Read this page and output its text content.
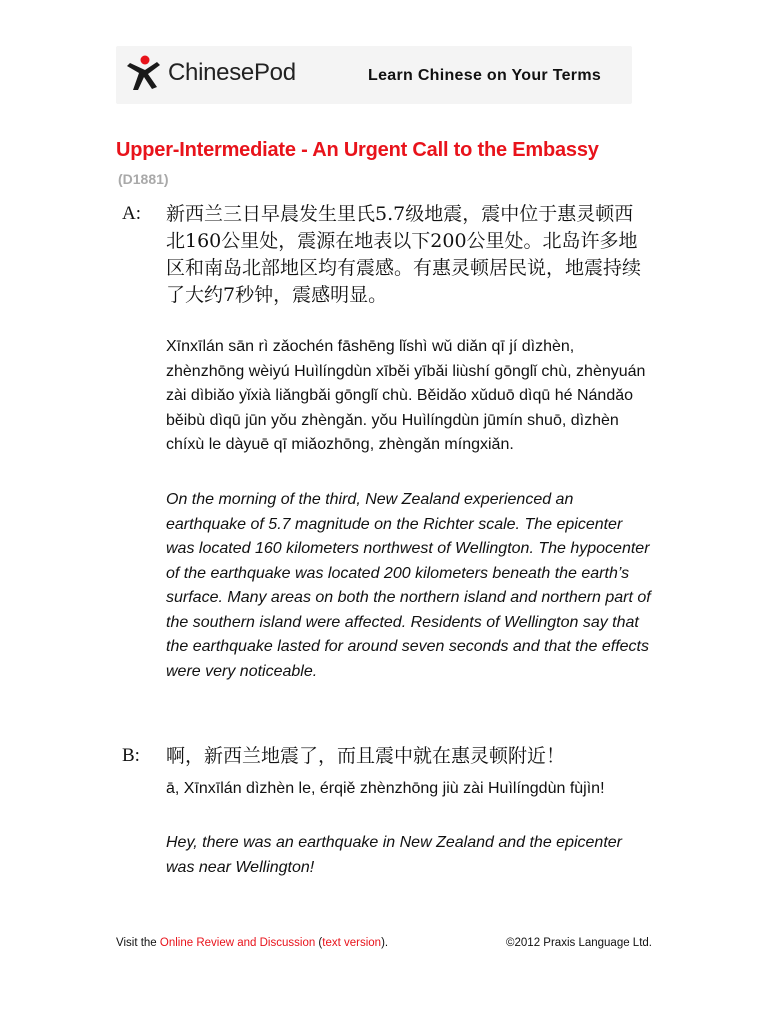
ChinesePod	Learn Chinese on Your Terms
Upper-Intermediate - An Urgent Call to the Embassy
(D1881)
A: 新西兰三日早晨发生里氏5.7级地震，震中位于惠灵顿西北160公里处，震源在地表以下200公里处。北岛许多地区和南岛北部地区均有震感。有惠灵顿居民说，地震持续了大约7秒钟，震感明显。
Xīnxīlán sān rì zǎochén fāshēng lǐshì wǔ diǎn qī jí dìzhèn, zhènzhōng wèiyú Huìlíngdùn xīběi yībǎi liùshí gōnglǐ chù, zhènyuán zài dìbiǎo yǐxià liǎngbǎi gōnglǐ chù. Běidǎo xǔduō dìqū hé Nándǎo běibù dìqū jūn yǒu zhèngǎn. yǒu Huìlíngdùn jūmín shuō, dìzhèn chíxù le dàyuē qī miǎozhōng, zhèngǎn míngxiǎn.
On the morning of the third, New Zealand experienced an earthquake of 5.7 magnitude on the Richter scale. The epicenter was located 160 kilometers northwest of Wellington. The hypocenter of the earthquake was located 200 kilometers beneath the earth’s surface. Many areas on both the northern island and northern part of the southern island were affected. Residents of Wellington say that the earthquake lasted for around seven seconds and that the effects were very noticeable.
B: 啊，新西兰地震了，而且震中就在惠灵顿附近！
ā, Xīnxīlán dìzhèn le, érqiě zhènzhōng jiù zài Huìlíngdùn fùjìn!
Hey, there was an earthquake in New Zealand and the epicenter was near Wellington!
Visit the Online Review and Discussion (text version).	©2012 Praxis Language Ltd.
